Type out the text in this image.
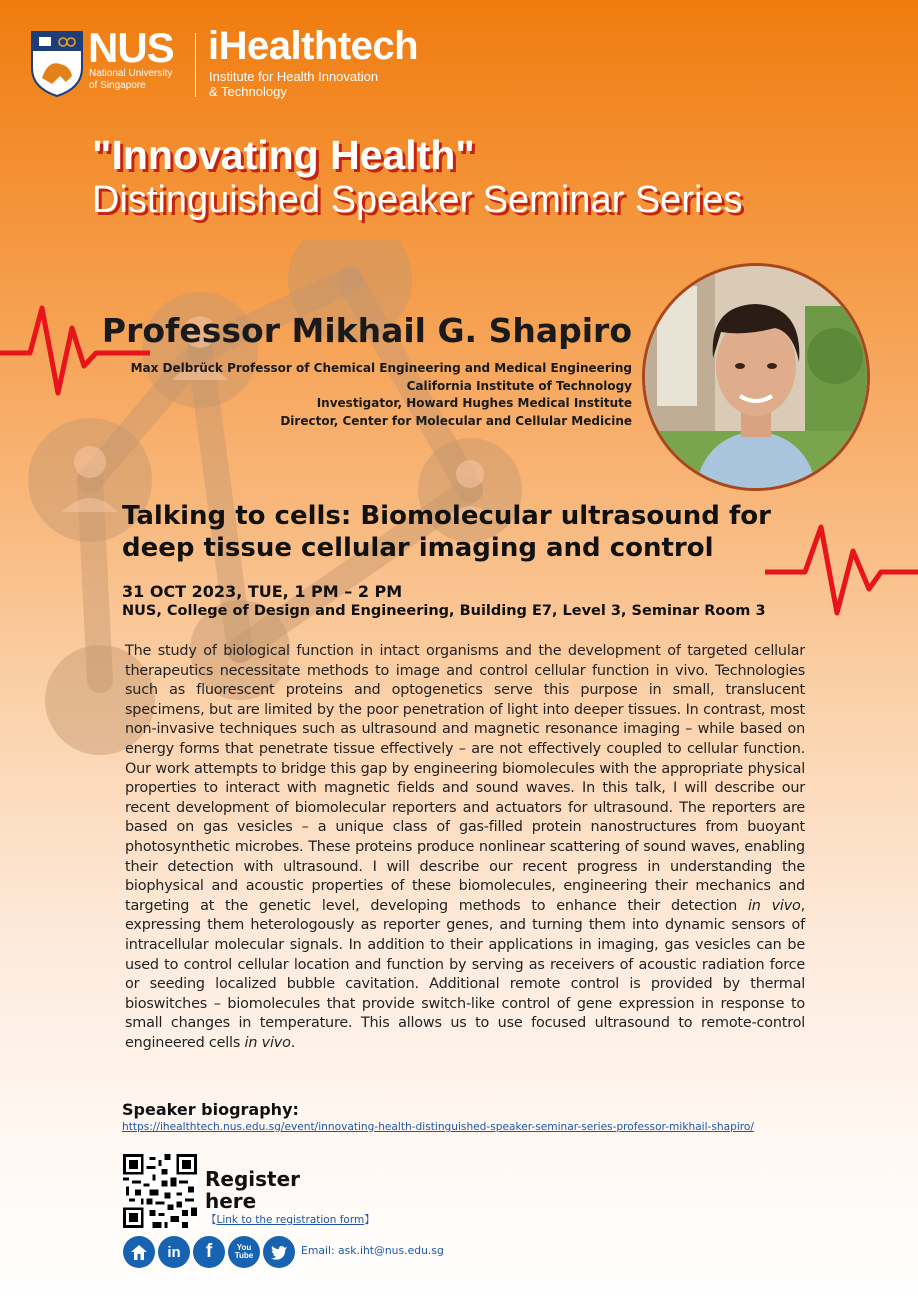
NUS
National University
of Singapore
iHealthtech
Institute for Health Innovation
& Technology
"Innovating Health"
Distinguished Speaker Seminar Series
Professor Mikhail G. Shapiro
Max Delbrück Professor of Chemical Engineering and Medical Engineering
California Institute of Technology
Investigator, Howard Hughes Medical Institute
Director, Center for Molecular and Cellular Medicine
Talking to cells: Biomolecular ultrasound for deep tissue cellular imaging and control
31 OCT 2023, TUE, 1 PM – 2 PM
NUS, College of Design and Engineering, Building E7, Level 3, Seminar Room 3
The study of biological function in intact organisms and the development of targeted cellular therapeutics necessitate methods to image and control cellular function in vivo. Technologies such as fluorescent proteins and optogenetics serve this purpose in small, translucent specimens, but are limited by the poor penetration of light into deeper tissues. In contrast, most non-invasive techniques such as ultrasound and magnetic resonance imaging – while based on energy forms that penetrate tissue effectively – are not effectively coupled to cellular function. Our work attempts to bridge this gap by engineering biomolecules with the appropriate physical properties to interact with magnetic fields and sound waves. In this talk, I will describe our recent development of biomolecular reporters and actuators for ultrasound. The reporters are based on gas vesicles – a unique class of gas-filled protein nanostructures from buoyant photosynthetic microbes. These proteins produce nonlinear scattering of sound waves, enabling their detection with ultrasound. I will describe our recent progress in understanding the biophysical and acoustic properties of these biomolecules, engineering their mechanics and targeting at the genetic level, developing methods to enhance their detection in vivo, expressing them heterologously as reporter genes, and turning them into dynamic sensors of intracellular molecular signals. In addition to their applications in imaging, gas vesicles can be used to control cellular location and function by serving as receivers of acoustic radiation force or seeding localized bubble cavitation. Additional remote control is provided by thermal bioswitches – biomolecules that provide switch-like control of gene expression in response to small changes in temperature. This allows us to use focused ultrasound to remote-control engineered cells in vivo.
Speaker biography:
https://ihealthtech.nus.edu.sg/event/innovating-health-distinguished-speaker-seminar-series-professor-mikhail-shapiro/
Register here
【Link to the registration form】
in	f	You Tube	Email: ask.iht@nus.edu.sg
